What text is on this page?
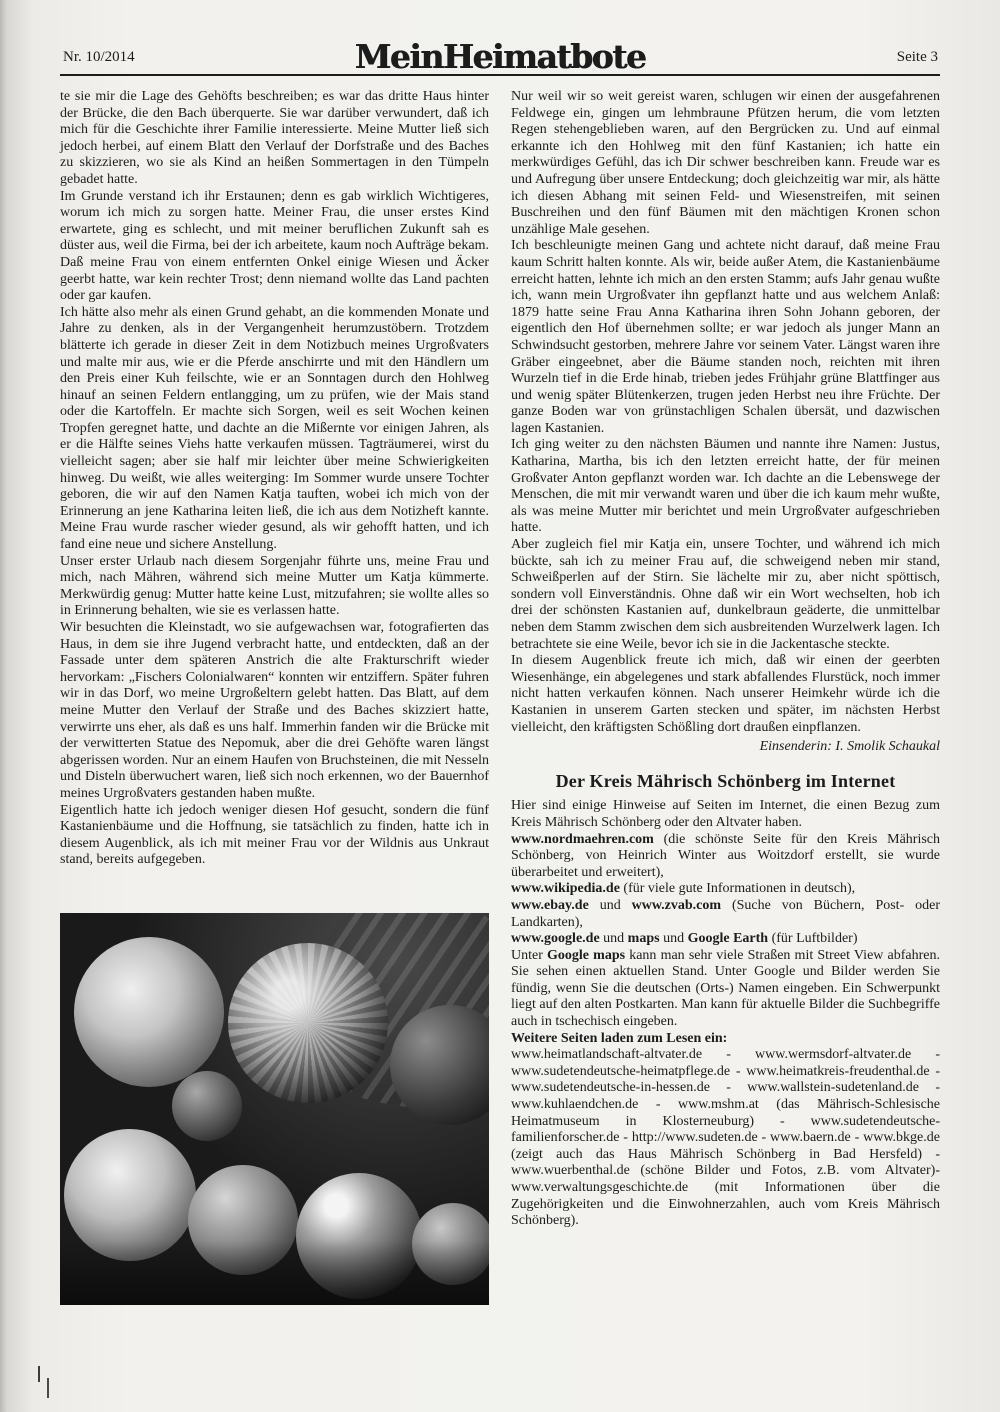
Nr. 10/2014	MeinHeimatbote	Seite 3

te sie mir die Lage des Gehöfts beschreiben; es war das dritte Haus hinter der Brücke, die den Bach überquerte. Sie war darüber verwundert, daß ich mich für die Geschichte ihrer Familie interessierte. Meine Mutter ließ sich jedoch herbei, auf einem Blatt den Verlauf der Dorfstraße und des Baches zu skizzieren, wo sie als Kind an heißen Sommertagen in den Tümpeln gebadet hatte.

Im Grunde verstand ich ihr Erstaunen; denn es gab wirklich Wichtigeres, worum ich mich zu sorgen hatte. Meiner Frau, die unser erstes Kind erwartete, ging es schlecht, und mit meiner beruflichen Zukunft sah es düster aus, weil die Firma, bei der ich arbeitete, kaum noch Aufträge bekam. Daß meine Frau von einem entfernten Onkel einige Wiesen und Äcker geerbt hatte, war kein rechter Trost; denn niemand wollte das Land pachten oder gar kaufen.

Ich hätte also mehr als einen Grund gehabt, an die kommenden Monate und Jahre zu denken, als in der Vergangenheit herumzustöbern. Trotzdem blätterte ich gerade in dieser Zeit in dem Notizbuch meines Urgroßvaters und malte mir aus, wie er die Pferde anschirrte und mit den Händlern um den Preis einer Kuh feilschte, wie er an Sonntagen durch den Hohlweg hinauf an seinen Feldern entlangging, um zu prüfen, wie der Mais stand oder die Kartoffeln. Er machte sich Sorgen, weil es seit Wochen keinen Tropfen geregnet hatte, und dachte an die Mißernte vor einigen Jahren, als er die Hälfte seines Viehs hatte verkaufen müssen. Tagträumerei, wirst du vielleicht sagen; aber sie half mir leichter über meine Schwierigkeiten hinweg. Du weißt, wie alles weiterging: Im Sommer wurde unsere Tochter geboren, die wir auf den Namen Katja tauften, wobei ich mich von der Erinnerung an jene Katharina leiten ließ, die ich aus dem Notizheft kannte. Meine Frau wurde rascher wieder gesund, als wir gehofft hatten, und ich fand eine neue und sichere Anstellung.

Unser erster Urlaub nach diesem Sorgenjahr führte uns, meine Frau und mich, nach Mähren, während sich meine Mutter um Katja kümmerte. Merkwürdig genug: Mutter hatte keine Lust, mitzufahren; sie wollte alles so in Erinnerung behalten, wie sie es verlassen hatte.

Wir besuchten die Kleinstadt, wo sie aufgewachsen war, fotografierten das Haus, in dem sie ihre Jugend verbracht hatte, und entdeckten, daß an der Fassade unter dem späteren Anstrich die alte Frakturschrift wieder hervorkam: „Fischers Colonialwaren“ konnten wir entziffern. Später fuhren wir in das Dorf, wo meine Urgroßeltern gelebt hatten. Das Blatt, auf dem meine Mutter den Verlauf der Straße und des Baches skizziert hatte, verwirrte uns eher, als daß es uns half. Immerhin fanden wir die Brücke mit der verwitterten Statue des Nepomuk, aber die drei Gehöfte waren längst abgerissen worden. Nur an einem Haufen von Bruchsteinen, die mit Nesseln und Disteln überwuchert waren, ließ sich noch erkennen, wo der Bauernhof meines Urgroßvaters gestanden haben mußte.

Eigentlich hatte ich jedoch weniger diesen Hof gesucht, sondern die fünf Kastanienbäume und die Hoffnung, sie tatsächlich zu finden, hatte ich in diesem Augenblick, als ich mit meiner Frau vor der Wildnis aus Unkraut stand, bereits aufgegeben.

Nur weil wir so weit gereist waren, schlugen wir einen der ausgefahrenen Feldwege ein, gingen um lehmbraune Pfützen herum, die vom letzten Regen stehengeblieben waren, auf den Bergrücken zu. Und auf einmal erkannte ich den Hohlweg mit den fünf Kastanien; ich hatte ein merkwürdiges Gefühl, das ich Dir schwer beschreiben kann. Freude war es und Aufregung über unsere Entdeckung; doch gleichzeitig war mir, als hätte ich diesen Abhang mit seinen Feld- und Wiesenstreifen, mit seinen Buschreihen und den fünf Bäumen mit den mächtigen Kronen schon unzählige Male gesehen.

Ich beschleunigte meinen Gang und achtete nicht darauf, daß meine Frau kaum Schritt halten konnte. Als wir, beide außer Atem, die Kastanienbäume erreicht hatten, lehnte ich mich an den ersten Stamm; aufs Jahr genau wußte ich, wann mein Urgroßvater ihn gepflanzt hatte und aus welchem Anlaß: 1879 hatte seine Frau Anna Katharina ihren Sohn Johann geboren, der eigentlich den Hof übernehmen sollte; er war jedoch als junger Mann an Schwindsucht gestorben, mehrere Jahre vor seinem Vater. Längst waren ihre Gräber eingeebnet, aber die Bäume standen noch, reichten mit ihren Wurzeln tief in die Erde hinab, trieben jedes Frühjahr grüne Blattfinger aus und wenig später Blütenkerzen, trugen jeden Herbst neu ihre Früchte. Der ganze Boden war von grünstachligen Schalen übersät, und dazwischen lagen Kastanien.

Ich ging weiter zu den nächsten Bäumen und nannte ihre Namen: Justus, Katharina, Martha, bis ich den letzten erreicht hatte, der für meinen Großvater Anton gepflanzt worden war. Ich dachte an die Lebenswege der Menschen, die mit mir verwandt waren und über die ich kaum mehr wußte, als was meine Mutter mir berichtet und mein Urgroßvater aufgeschrieben hatte.

Aber zugleich fiel mir Katja ein, unsere Tochter, und während ich mich bückte, sah ich zu meiner Frau auf, die schweigend neben mir stand, Schweißperlen auf der Stirn. Sie lächelte mir zu, aber nicht spöttisch, sondern voll Einverständnis. Ohne daß wir ein Wort wechselten, hob ich drei der schönsten Kastanien auf, dunkelbraun geäderte, die unmittelbar neben dem Stamm zwischen dem sich ausbreitenden Wurzelwerk lagen. Ich betrachtete sie eine Weile, bevor ich sie in die Jackentasche steckte.

In diesem Augenblick freute ich mich, daß wir einen der geerbten Wiesenhänge, ein abgelegenes und stark abfallendes Flurstück, noch immer nicht hatten verkaufen können. Nach unserer Heimkehr würde ich die Kastanien in unserem Garten stecken und später, im nächsten Herbst vielleicht, den kräftigsten Schößling dort draußen einpflanzen.

Einsenderin: I. Smolik Schaukal

Der Kreis Mährisch Schönberg im Internet

Hier sind einige Hinweise auf Seiten im Internet, die einen Bezug zum Kreis Mährisch Schönberg oder den Altvater haben.

www.nordmaehren.com (die schönste Seite für den Kreis Mährisch Schönberg, von Heinrich Winter aus Woitzdorf erstellt, sie wurde überarbeitet und erweitert),

www.wikipedia.de (für viele gute Informationen in deutsch),

www.ebay.de und www.zvab.com (Suche von Büchern, Post- oder Landkarten),

www.google.de und maps und Google Earth (für Luftbilder)

Unter Google maps kann man sehr viele Straßen mit Street View abfahren. Sie sehen einen aktuellen Stand. Unter Google und Bilder werden Sie fündig, wenn Sie die deutschen (Orts-) Namen eingeben. Ein Schwerpunkt liegt auf den alten Postkarten. Man kann für aktuelle Bilder die Suchbegriffe auch in tschechisch eingeben.

Weitere Seiten laden zum Lesen ein:

www.heimatlandschaft-altvater.de - www.wermsdorf-altvater.de - www.sudetendeutsche-heimatpflege.de - www.heimatkreis-freudenthal.de - www.sudetendeutsche-in-hessen.de - www.wallstein-sudetenland.de - www.kuhlaendchen.de - www.mshm.at (das Mährisch-Schlesische Heimatmuseum in Klosterneuburg) - www.sudetendeutsche-familienforscher.de - http://www.sudeten.de - www.baern.de - www.bkge.de (zeigt auch das Haus Mährisch Schönberg in Bad Hersfeld) - www.wuerbenthal.de (schöne Bilder und Fotos, z.B. vom Altvater)- www.verwaltungsgeschichte.de (mit Informationen über die Zugehörigkeiten und die Einwohnerzahlen, auch vom Kreis Mährisch Schönberg).
